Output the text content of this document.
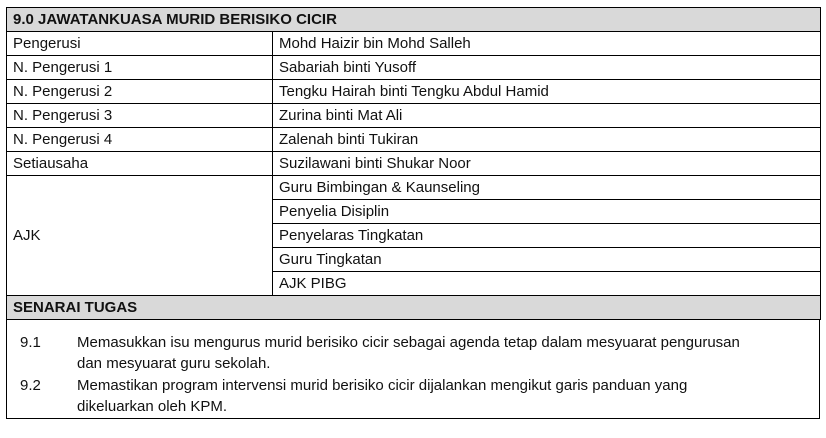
9.0 JAWATANKUASA MURID BERISIKO CICIR	
Pengerusi	Mohd Haizir bin Mohd Salleh
N. Pengerusi 1	Sabariah binti Yusoff
N. Pengerusi 2	Tengku Hairah binti Tengku Abdul Hamid
N. Pengerusi 3	Zurina binti Mat Ali
N. Pengerusi 4	Zalenah binti Tukiran
Setiausaha	Suzilawani binti Shukar Noor
AJK	Guru Bimbingan & Kaunseling
	Penyelia Disiplin
	Penyelaras Tingkatan
	Guru Tingkatan
	AJK PIBG
SENARAI TUGAS	
9.1 Memasukkan isu mengurus murid berisiko cicir sebagai agenda tetap dalam mesyuarat pengurusan
dan mesyuarat guru sekolah.
9.2 Memastikan program intervensi murid berisiko cicir dijalankan mengikut garis panduan yang
dikeluarkan oleh KPM.
